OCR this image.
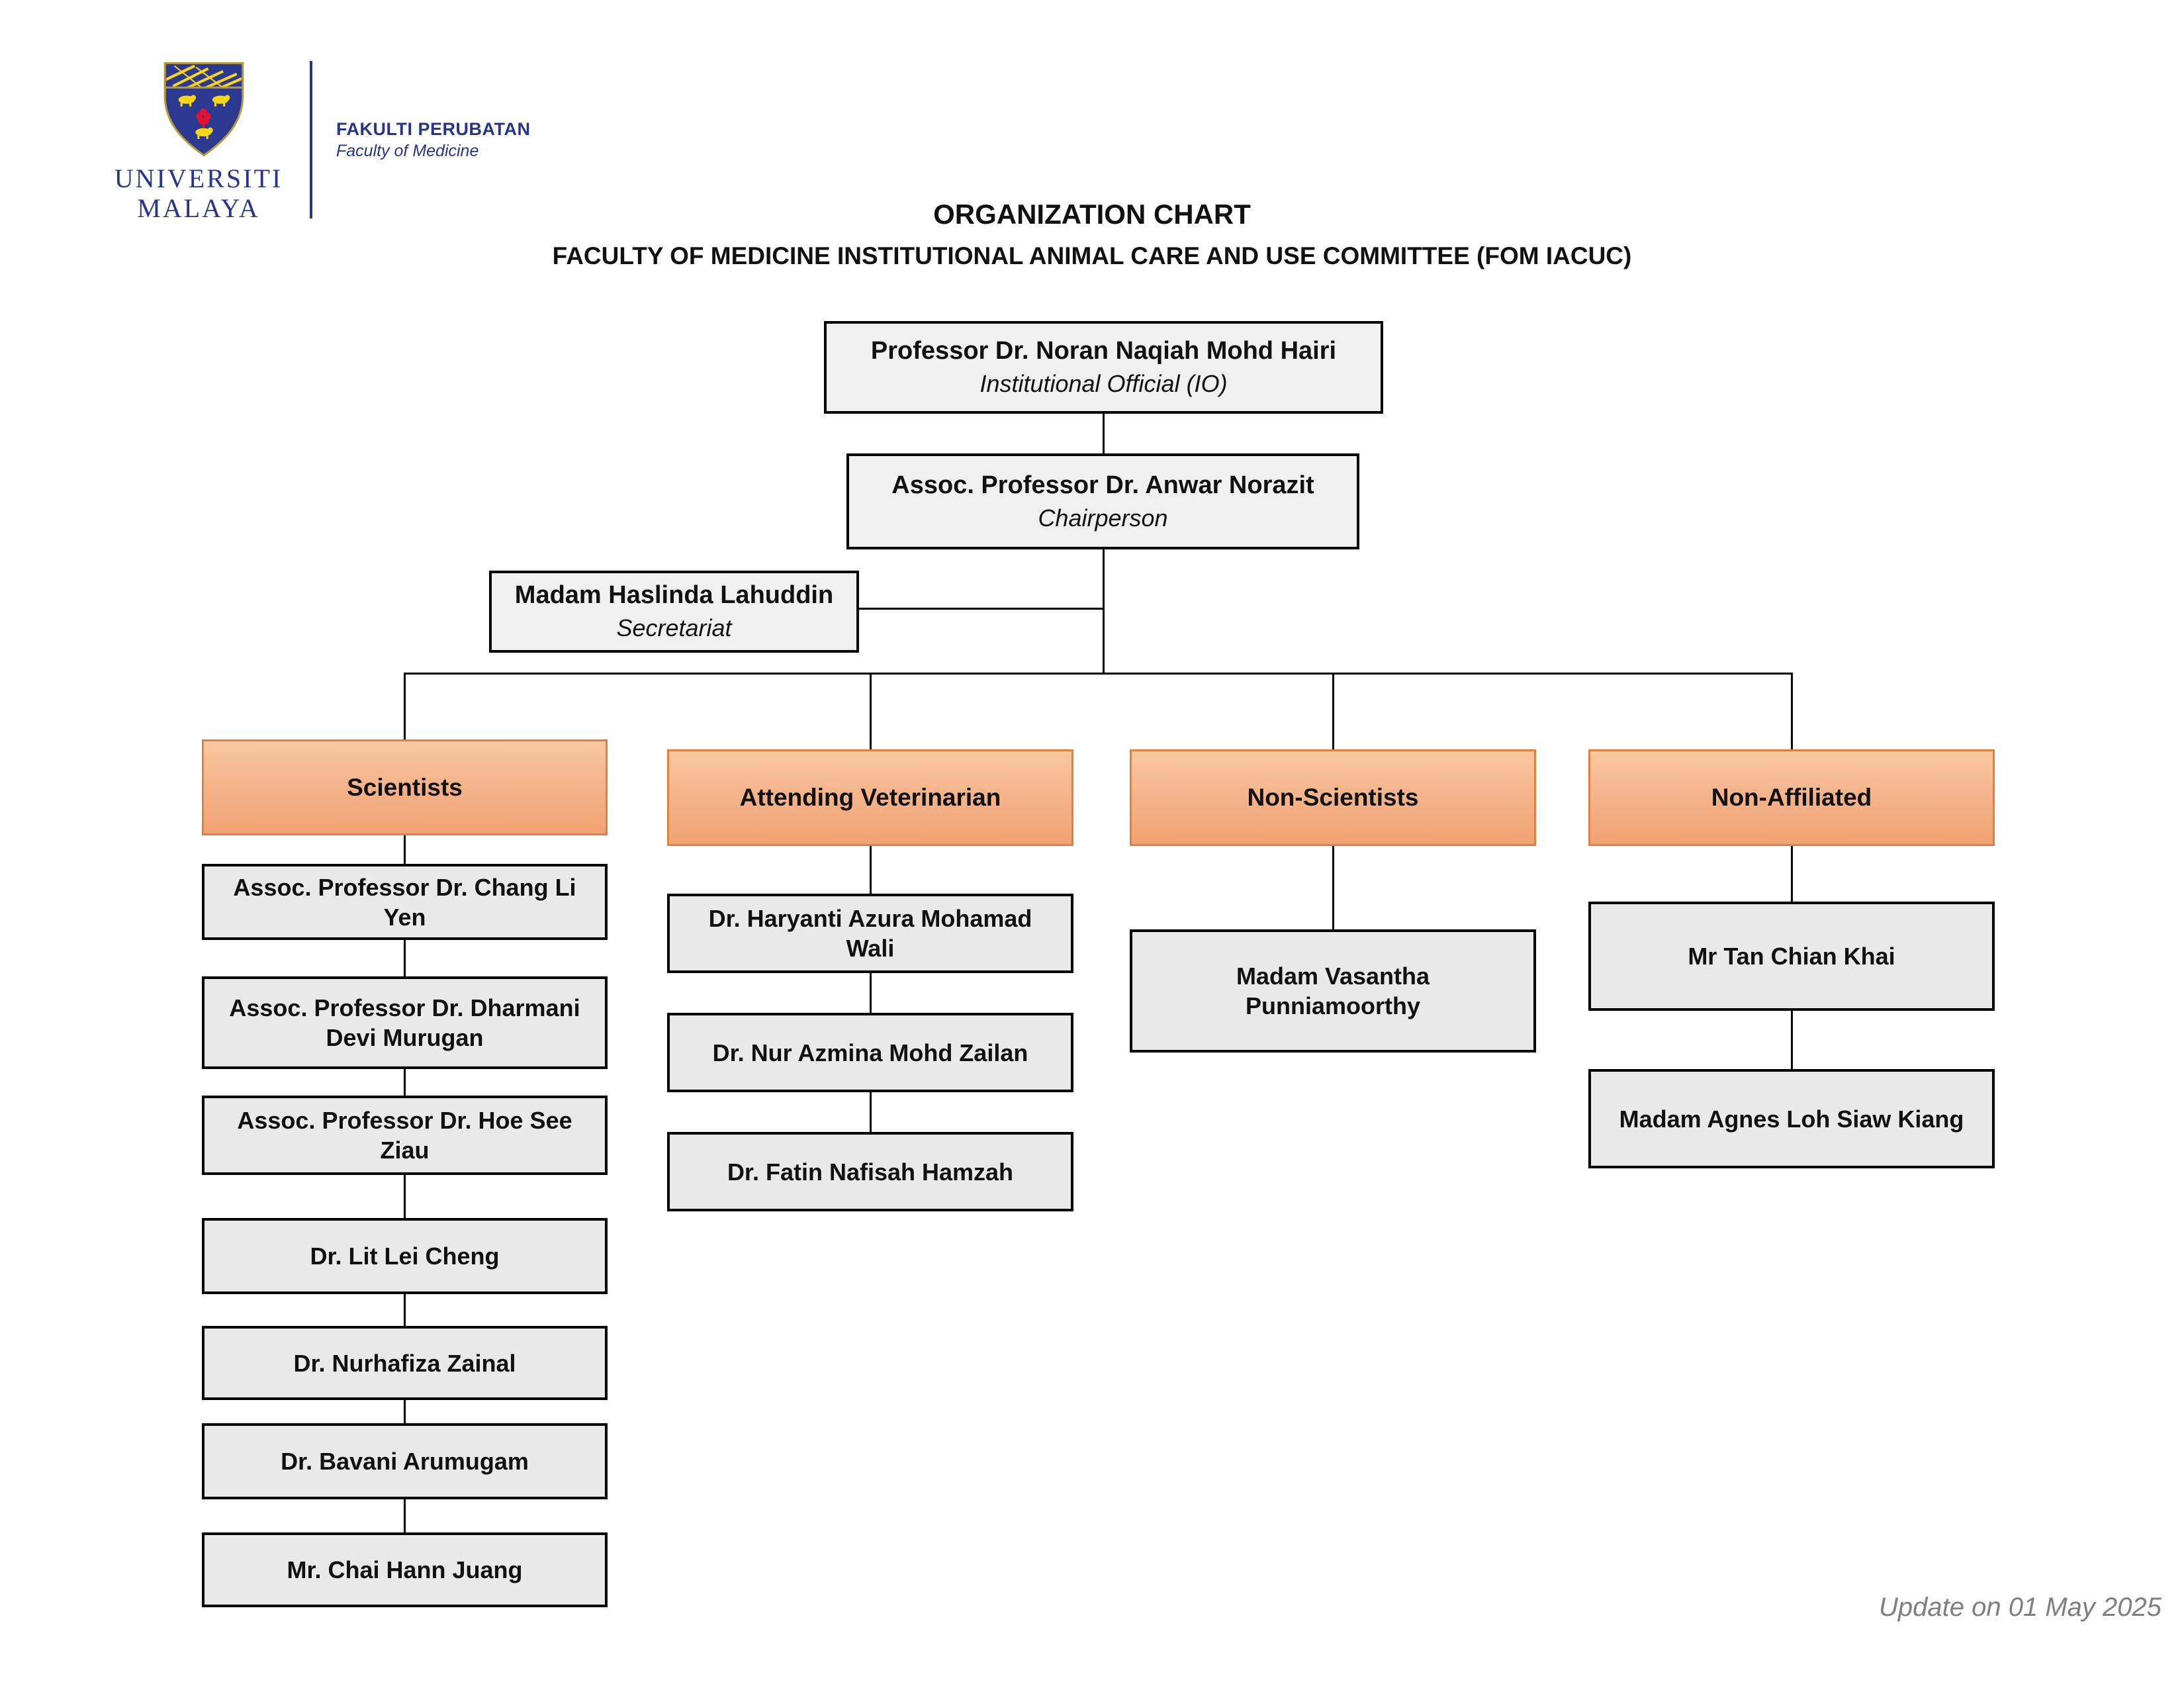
UNIVERSITI
MALAYA
FAKULTI PERUBATAN
Faculty of Medicine
ORGANIZATION CHART
FACULTY OF MEDICINE INSTITUTIONAL ANIMAL CARE AND USE COMMITTEE (FOM IACUC)
Professor Dr. Noran Naqiah Mohd Hairi
Institutional Official (IO)
Assoc. Professor Dr. Anwar Norazit
Chairperson
Madam Haslinda Lahuddin
Secretariat
Scientists	Attending Veterinarian	Non-Scientists	Non-Affiliated
Assoc. Professor Dr. Chang Li Yen
Assoc. Professor Dr. Dharmani Devi Murugan
Assoc. Professor Dr. Hoe See Ziau
Dr. Lit Lei Cheng
Dr. Nurhafiza Zainal
Dr. Bavani Arumugam
Mr. Chai Hann Juang
Dr. Haryanti Azura Mohamad Wali
Dr. Nur Azmina Mohd Zailan
Dr. Fatin Nafisah Hamzah
Madam Vasantha Punniamoorthy
Mr Tan Chian Khai
Madam Agnes Loh Siaw Kiang
Update on 01 May 2025
